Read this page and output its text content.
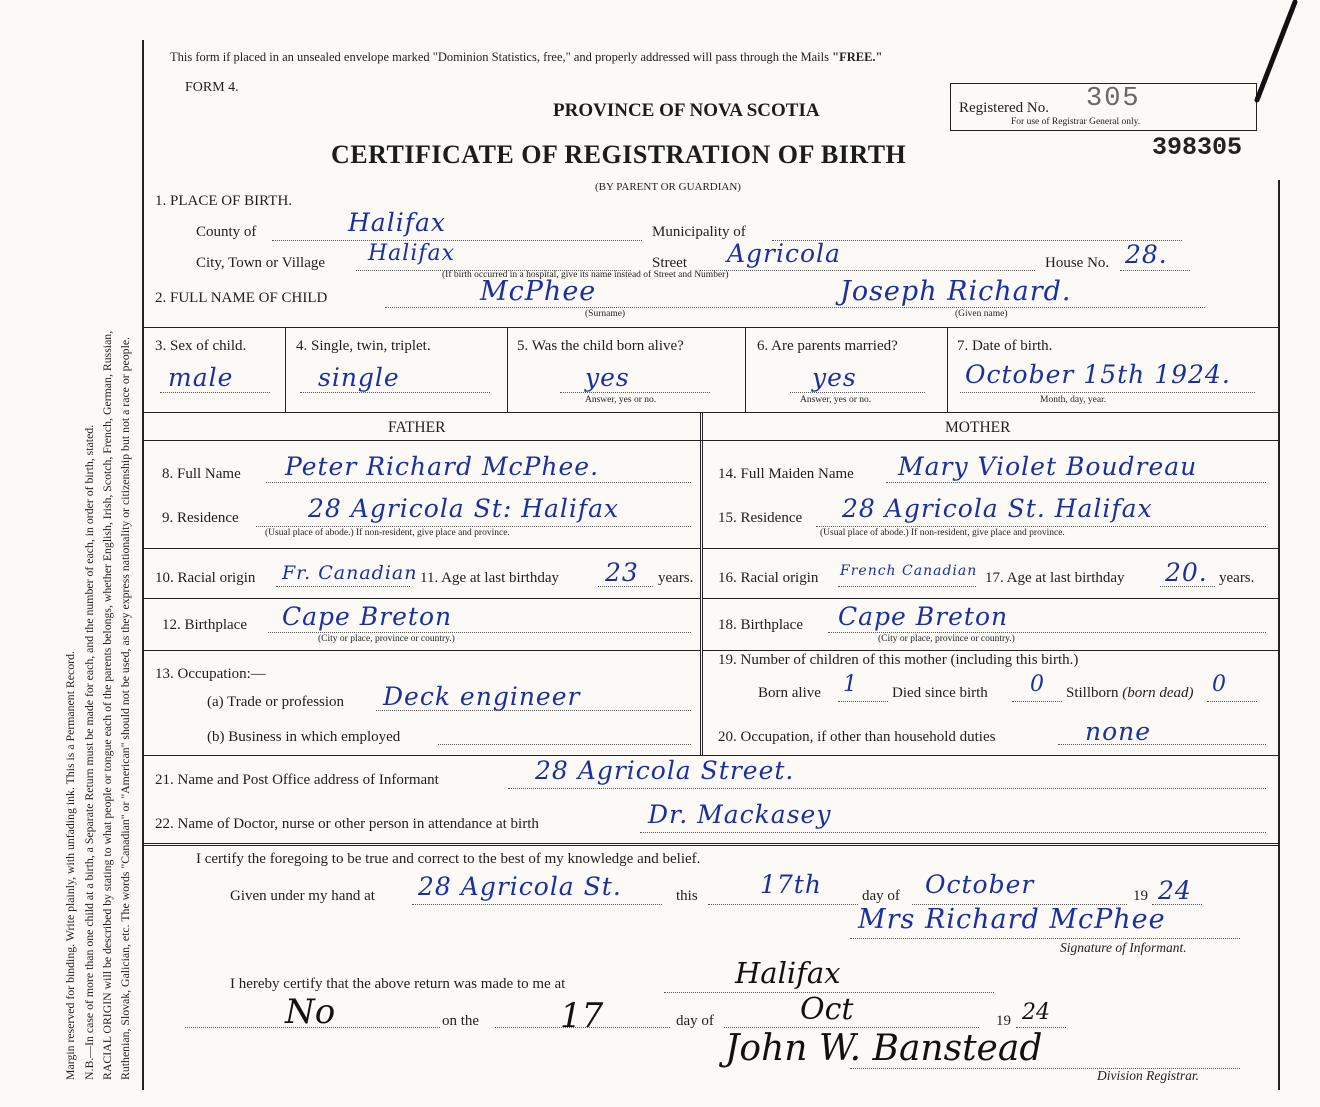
Margin reserved for binding. Write plainly, with unfading ink. This is a Permanent Record. N.B.—In case of more than one child at a birth, a Separate Return must be made for each, and the number of each, in order of birth, stated. RACIAL ORIGIN will be described by stating to what people or tongue each of the parents belongs, whether English, Irish, Scotch, French, German, Russian, Ruthenian, Slovak, Galician, etc. The words "Canadian" or "American" should not be used, as they express nationality or citizenship but not a race or people.
This form if placed in an unsealed envelope marked "Dominion Statistics, free," and properly addressed will pass through the Mails "FREE."
FORM 4.
PROVINCE OF NOVA SCOTIA
CERTIFICATE OF REGISTRATION OF BIRTH
(BY PARENT OR GUARDIAN)
Registered No. 305
For use of Registrar General only.
398305
1. PLACE OF BIRTH.
County of	Halifax	Municipality of
City, Town or Village Halifax	Street Agricola	House No. 28.
(If birth occurred in a hospital, give its name instead of Street and Number)
2. FULL NAME OF CHILD	McPhee
(Surname)
Joseph Richard.
(Given name)
3. Sex of child.
male
4. Single, twin, triplet.
single
5. Was the child born alive?
yes
Answer, yes or no.
6. Are parents married?
yes
Answer, yes or no.
7. Date of birth.
October 15th 1924.
Month, day, year.
FATHER	MOTHER
8. Full Name Peter Richard McPhee.
9. Residence	28 Agricola St: Halifax
(Usual place of abode.) If non-resident, give place and province.
10. Racial origin Fr. Canadian 11. Age at last birthday 23 years.
12. Birthplace Cape Breton
(City or place, province or country.)
13. Occupation:—
(a) Trade or profession Deck engineer
(b) Business in which employed
14. Full Maiden Name Mary Violet Boudreau
15. Residence 28 Agricola St. Halifax
(Usual place of abode.) If non-resident, give place and province.
16. Racial origin French Canadian 17. Age at last birthday 20. years.
18. Birthplace Cape Breton
(City or place, province or country.)
19. Number of children of this mother (including this birth.)
Born alive 1 Died since birth 0 Stillborn (born dead) 0
20. Occupation, if other than household duties	none
21. Name and Post Office address of Informant	28 Agricola Street.
22. Name of Doctor, nurse or other person in attendance at birth	Dr. Mackasey
I certify the foregoing to be true and correct to the best of my knowledge and belief.
Given under my hand at 28 Agricola St.	this 17th	day of October	19 24
Mrs Richard McPhee
Signature of Informant.
I hereby certify that the above return was made to me at	Halifax
No	on the 17	day of	Oct	19 24
John W. Banstead
Division Registrar.
